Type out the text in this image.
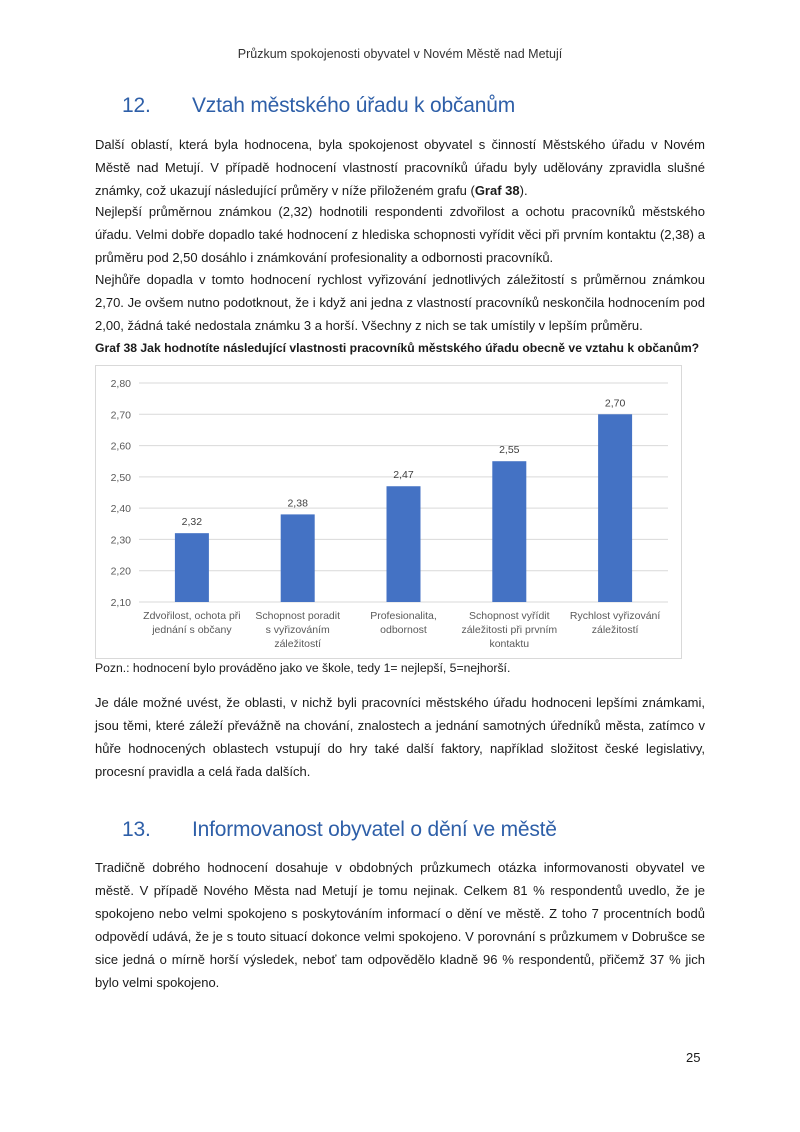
Průzkum spokojenosti obyvatel v Novém Městě nad Metují
12. Vztah městského úřadu k občanům

Další oblastí, která byla hodnocena, byla spokojenost obyvatel s činností Městského úřadu v Novém Městě nad Metují. V případě hodnocení vlastností pracovníků úřadu byly udělovány zpravidla slušné známky, což ukazují následující průměry v níže přiloženém grafu (Graf 38).

Nejlepší průměrnou známkou (2,32) hodnotili respondenti zdvořilost a ochotu pracovníků městského úřadu. Velmi dobře dopadlo také hodnocení z hlediska schopnosti vyřídit věci při prvním kontaktu (2,38) a průměru pod 2,50 dosáhlo i známkování profesionality a odbornosti pracovníků.

Nejhůře dopadla v tomto hodnocení rychlost vyřizování jednotlivých záležitostí s průměrnou známkou 2,70. Je ovšem nutno podotknout, že i když ani jedna z vlastností pracovníků neskončila hodnocením pod 2,00, žádná také nedostala známku 3 a horší. Všechny z nich se tak umístily v lepším průměru.

Graf 38 Jak hodnotíte následující vlastnosti pracovníků městského úřadu obecně ve vztahu k občanům?

2,10
2,20
2,30
2,40
2,50
2,60
2,70
2,80
2,32
Zdvořilost, ochota při
jednání s občany
2,38
Schopnost poradit
s vyřizováním
záležitostí
2,47
Profesionalita,
odbornost
2,55
Schopnost vyřídit
záležitosti při prvním
kontaktu
2,70
Rychlost vyřizování
záležitostí

Pozn.: hodnocení bylo prováděno jako ve škole, tedy 1= nejlepší, 5=nejhorší.

Je dále možné uvést, že oblasti, v nichž byli pracovníci městského úřadu hodnoceni lepšími známkami, jsou těmi, které záleží převážně na chování, znalostech a jednání samotných úředníků města, zatímco v hůře hodnocených oblastech vstupují do hry také další faktory, například složitost české legislativy, procesní pravidla a celá řada dalších.

13. Informovanost obyvatel o dění ve městě

Tradičně dobrého hodnocení dosahuje v obdobných průzkumech otázka informovanosti obyvatel ve městě. V případě Nového Města nad Metují je tomu nejinak. Celkem 81 % respondentů uvedlo, že je spokojeno nebo velmi spokojeno s poskytováním informací o dění ve městě. Z toho 7 procentních bodů odpovědí udává, že je s touto situací dokonce velmi spokojeno. V porovnání s průzkumem v Dobrušce se sice jedná o mírně horší výsledek, neboť tam odpovědělo kladně 96 % respondentů, přičemž 37 % jich bylo velmi spokojeno.

25
